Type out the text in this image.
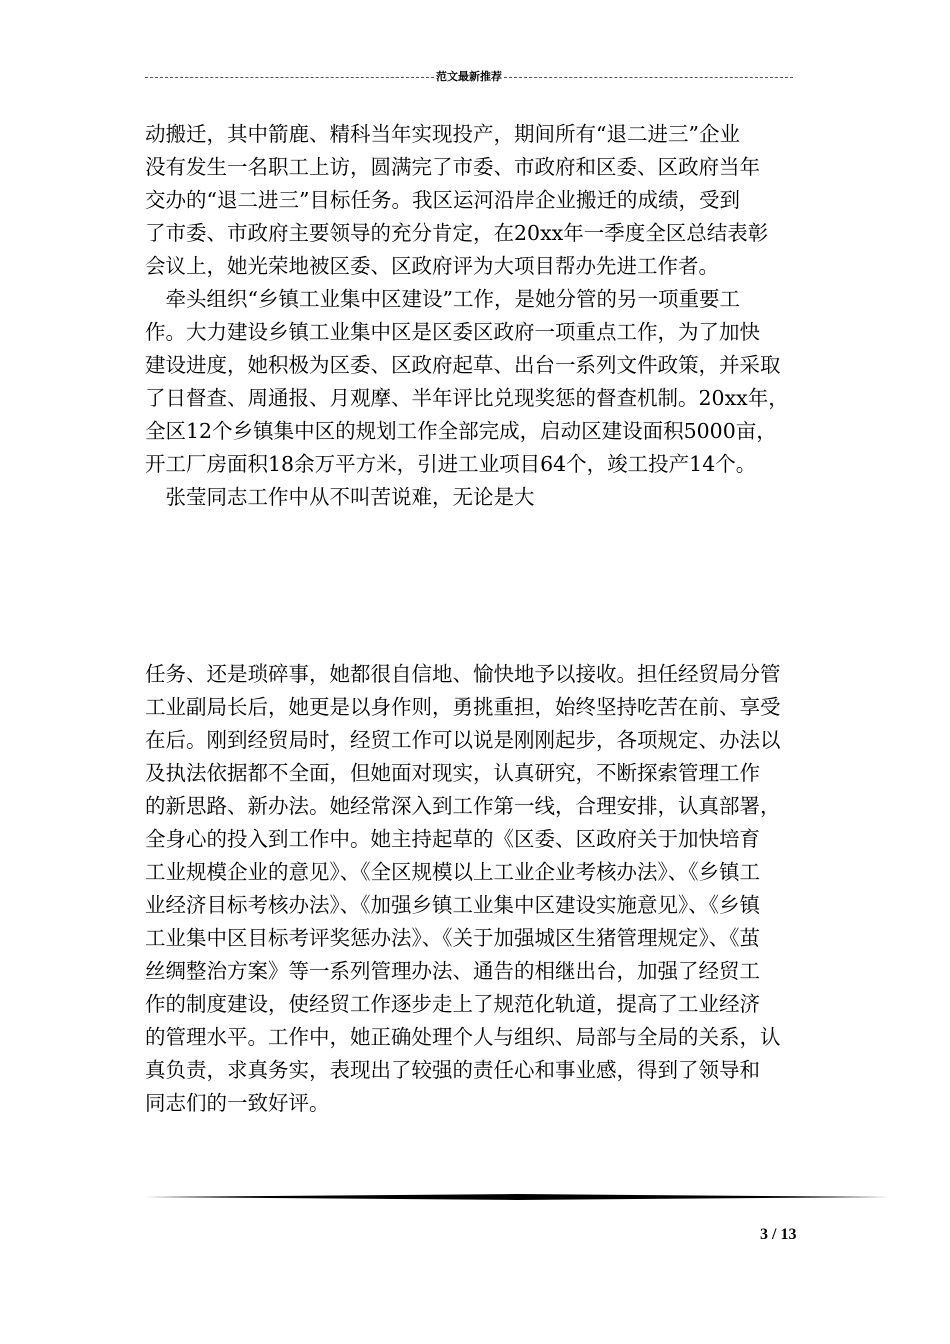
范文最新推荐

动搬迁，其中箭鹿、精科当年实现投产，期间所有“退二进三”企业

没有发生一名职工上访，圆满完了市委、市政府和区委、区政府当年

交办的“退二进三”目标任务。我区运河沿岸企业搬迁的成绩，受到

了市委、市政府主要领导的充分肯定，在20xx年一季度全区总结表彰

会议上，她光荣地被区委、区政府评为大项目帮办先进工作者。

　牵头组织“乡镇工业集中区建设”工作，是她分管的另一项重要工

作。大力建设乡镇工业集中区是区委区政府一项重点工作，为了加快

建设进度，她积极为区委、区政府起草、出台一系列文件政策，并采取

了日督查、周通报、月观摩、半年评比兑现奖惩的督查机制。20xx年，

全区12个乡镇集中区的规划工作全部完成，启动区建设面积5000亩，

开工厂房面积18余万平方米，引进工业项目64个，竣工投产14个。

　张莹同志工作中从不叫苦说难，无论是大

任务、还是琐碎事，她都很自信地、愉快地予以接收。担任经贸局分管

工业副局长后，她更是以身作则，勇挑重担，始终坚持吃苦在前、享受

在后。刚到经贸局时，经贸工作可以说是刚刚起步，各项规定、办法以

及执法依据都不全面，但她面对现实，认真研究，不断探索管理工作

的新思路、新办法。她经常深入到工作第一线，合理安排，认真部署，

全身心的投入到工作中。她主持起草的《区委、区政府关于加快培育

工业规模企业的意见》、《全区规模以上工业企业考核办法》、《乡镇工

业经济目标考核办法》、《加强乡镇工业集中区建设实施意见》、《乡镇

工业集中区目标考评奖惩办法》、《关于加强城区生猪管理规定》、《茧

丝绸整治方案》等一系列管理办法、通告的相继出台，加强了经贸工

作的制度建设，使经贸工作逐步走上了规范化轨道，提高了工业经济

的管理水平。工作中，她正确处理个人与组织、局部与全局的关系，认

真负责，求真务实，表现出了较强的责任心和事业感，得到了领导和

同志们的一致好评。

3 / 13
